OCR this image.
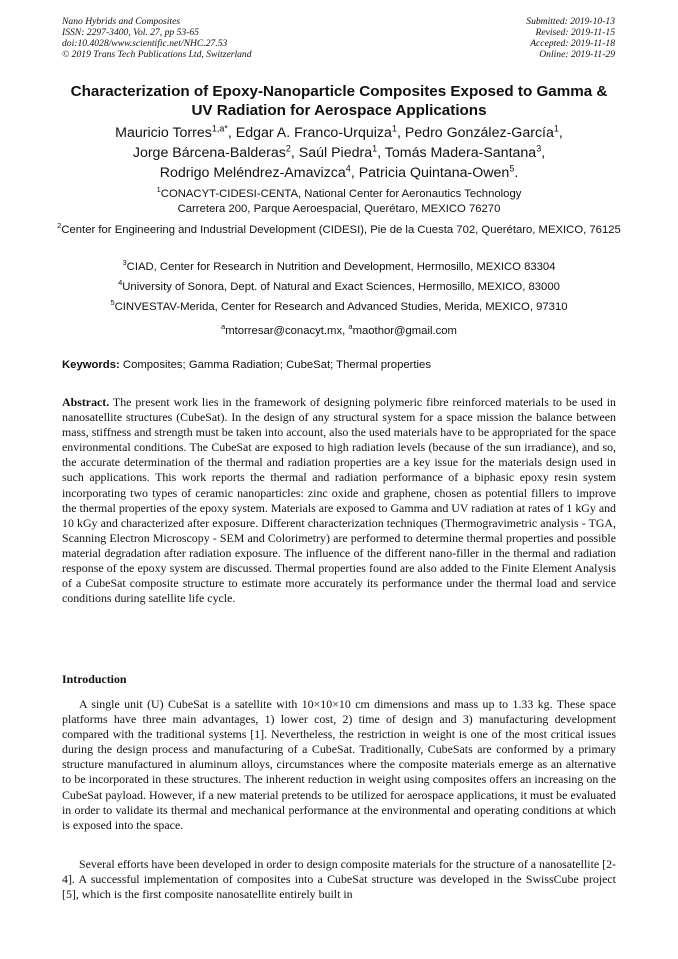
Nano Hybrids and Composites
ISSN: 2297-3400, Vol. 27, pp 53-65
doi:10.4028/www.scientific.net/NHC.27.53
© 2019 Trans Tech Publications Ltd, Switzerland
Submitted: 2019-10-13
Revised: 2019-11-15
Accepted: 2019-11-18
Online: 2019-11-29
Characterization of Epoxy-Nanoparticle Composites Exposed to Gamma & UV Radiation for Aerospace Applications
Mauricio Torres$^{1,a*}$, Edgar A. Franco-Urquiza$^1$, Pedro González-García$^1$,
Jorge Bárcena-Balderas$^2$, Saúl Piedra$^1$, Tomás Madera-Santana$^3$,
Rodrigo Meléndrez-Amavizca$^4$, Patricia Quintana-Owen$^5$.
$^1$CONACYT-CIDESI-CENTA, National Center for Aeronautics Technology
Carretera 200, Parque Aeroespacial, Querétaro, MEXICO 76270
$^2$Center for Engineering and Industrial Development (CIDESI), Pie de la Cuesta 702, Querétaro, MEXICO, 76125
$^3$CIAD, Center for Research in Nutrition and Development, Hermosillo, MEXICO 83304
$^4$University of Sonora, Dept. of Natural and Exact Sciences, Hermosillo, MEXICO, 83000
$^5$CINVESTAV-Merida, Center for Research and Advanced Studies, Merida, MEXICO, 97310
$^a$mtorresar@conacyt.mx, $^a$maothor@gmail.com
Keywords: Composites; Gamma Radiation; CubeSat; Thermal properties

Abstract. The present work lies in the framework of designing polymeric fibre reinforced materials to be used in nanosatellite structures (CubeSat). In the design of any structural system for a space mission the balance between mass, stiffness and strength must be taken into account, also the used materials have to be appropriated for the space environmental conditions. The CubeSat are exposed to high radiation levels (because of the sun irradiance), and so, the accurate determination of the thermal and radiation properties are a key issue for the materials design used in such applications. This work reports the thermal and radiation performance of a biphasic epoxy resin system incorporating two types of ceramic nanoparticles: zinc oxide and graphene, chosen as potential fillers to improve the thermal properties of the epoxy system. Materials are exposed to Gamma and UV radiation at rates of 1 kGy and 10 kGy and characterized after exposure. Different characterization techniques (Thermogravimetric analysis - TGA, Scanning Electron Microscopy - SEM and Colorimetry) are performed to determine thermal properties and possible material degradation after radiation exposure. The influence of the different nano-filler in the thermal and radiation response of the epoxy system are discussed. Thermal properties found are also added to the Finite Element Analysis of a CubeSat composite structure to estimate more accurately its performance under the thermal load and service conditions during satellite life cycle.

Introduction

A single unit (U) CubeSat is a satellite with 10×10×10 cm dimensions and mass up to 1.33 kg. These space platforms have three main advantages, 1) lower cost, 2) time of design and 3) manufacturing development compared with the traditional systems [1]. Nevertheless, the restriction in weight is one of the most critical issues during the design process and manufacturing of a CubeSat. Traditionally, CubeSats are conformed by a primary structure manufactured in aluminum alloys, circumstances where the composite materials emerge as an alternative to be incorporated in these structures. The inherent reduction in weight using composites offers an increasing on the CubeSat payload. However, if a new material pretends to be utilized for aerospace applications, it must be evaluated in order to validate its thermal and mechanical performance at the environmental and operating conditions at which is exposed into the space.

Several efforts have been developed in order to design composite materials for the structure of a nanosatellite [2-4]. A successful implementation of composites into a CubeSat structure was developed in the SwissCube project [5], which is the first composite nanosatellite entirely built in
